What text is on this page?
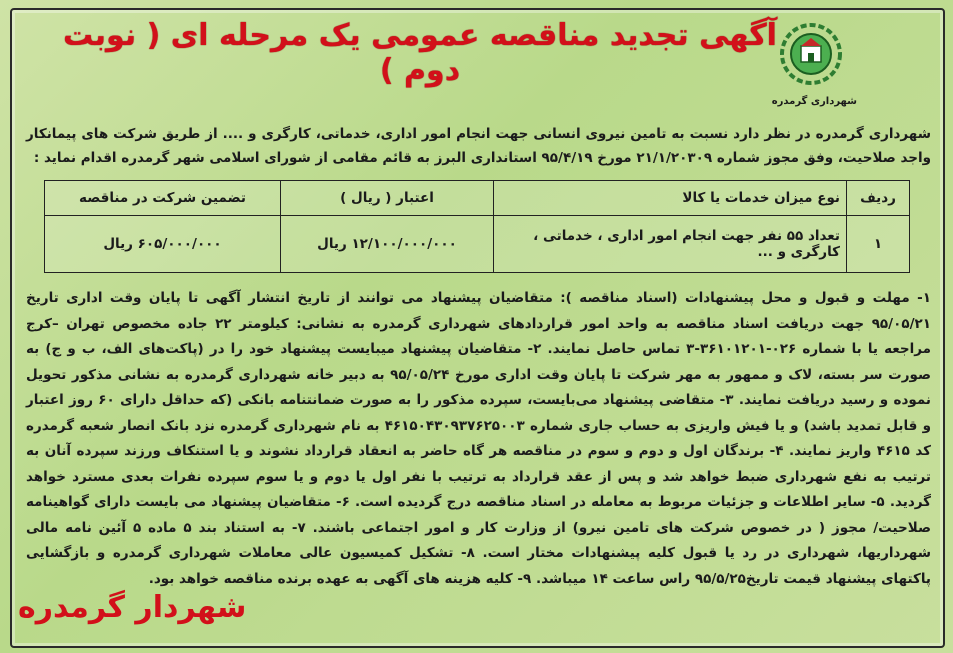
آگهی تجدید مناقصه عمومی یک مرحله ای ( نوبت دوم )
شهرداری گرمدره
شهرداری گرمدره در نظر دارد نسبت به تامین نیروی انسانی جهت انجام امور اداری، خدماتی، کارگری و .... از طریق شرکت های پیمانکار واجد صلاحیت، وفق مجوز شماره ۲۱/۱/۲۰۳۰۹ مورخ ۹۵/۴/۱۹ استانداری البرز به قائم مقامی از شورای اسلامی شهر گرمدره اقدام نماید :
ردیف	نوع میزان خدمات یا کالا	اعتبار ( ریال )	تضمین شرکت در مناقصه
۱	تعداد ۵۵ نفر جهت انجام امور اداری ، خدماتی ، کارگری و ...	۱۲/۱۰۰/۰۰۰/۰۰۰ ریال	۶۰۵/۰۰۰/۰۰۰ ریال
۱- مهلت و قبول و محل پیشنهادات (اسناد مناقصه ): متقاضیان پیشنهاد می توانند از تاریخ انتشار آگهی تا پایان وقت اداری تاریخ ۹۵/۰۵/۲۱ جهت دریافت اسناد مناقصه به واحد امور قراردادهای شهرداری گرمدره به نشانی: کیلومتر ۲۲ جاده مخصوص تهران –کرج مراجعه یا با شماره ۰۲۶-۳۶۱۰۱۲۰۱-۳ تماس حاصل نمایند. ۲- متقاضیان پیشنهاد میبایست پیشنهاد خود را در (پاکت‌های الف، ب و ج) به صورت سر بسته، لاک و ممهور به مهر شرکت تا پایان وقت اداری مورخ ۹۵/۰۵/۲۴ به دبیر خانه شهرداری گرمدره به نشانی مذکور تحویل نموده و رسید دریافت نمایند. ۳- متقاضی پیشنهاد می‌بایست، سپرده مذکور را به صورت ضمانتنامه بانکی (که حداقل دارای ۶۰ روز اعتبار و قابل تمدید باشد) و یا فیش واریزی به حساب جاری شماره ۴۶۱۵۰۴۳۰۹۳۷۶۲۵۰۰۳ به نام شهرداری گرمدره نزد بانک انصار شعبه گرمدره کد ۴۶۱۵ واریز نمایند. ۴- برندگان اول و دوم و سوم در مناقصه هر گاه حاضر به انعقاد قرارداد نشوند و یا استنکاف ورزند سپرده آنان به ترتیب به نفع شهرداری ضبط خواهد شد و پس از عقد قرارداد به ترتیب با نفر اول یا دوم و یا سوم سپرده نفرات بعدی مسترد خواهد گردید. ۵- سایر اطلاعات و جزئیات مربوط به معامله در اسناد مناقصه درج گردیده است. ۶- متقاضیان پیشنهاد می بایست دارای گواهینامه صلاحیت/ مجوز ( در خصوص شرکت های تامین نیرو) از وزارت کار و امور اجتماعی باشند. ۷- به استناد بند ۵ ماده ۵ آئین نامه مالی شهرداریها، شهرداری در رد یا قبول کلیه پیشنهادات مختار است. ۸- تشکیل کمیسیون عالی معاملات شهرداری گرمدره و بازگشایی پاکتهای پیشنهاد قیمت تاریخ۹۵/۵/۲۵ راس ساعت ۱۴ میباشد. ۹- کلیه هزینه های آگهی به عهده برنده مناقصه خواهد بود.
شهردار گرمدره
